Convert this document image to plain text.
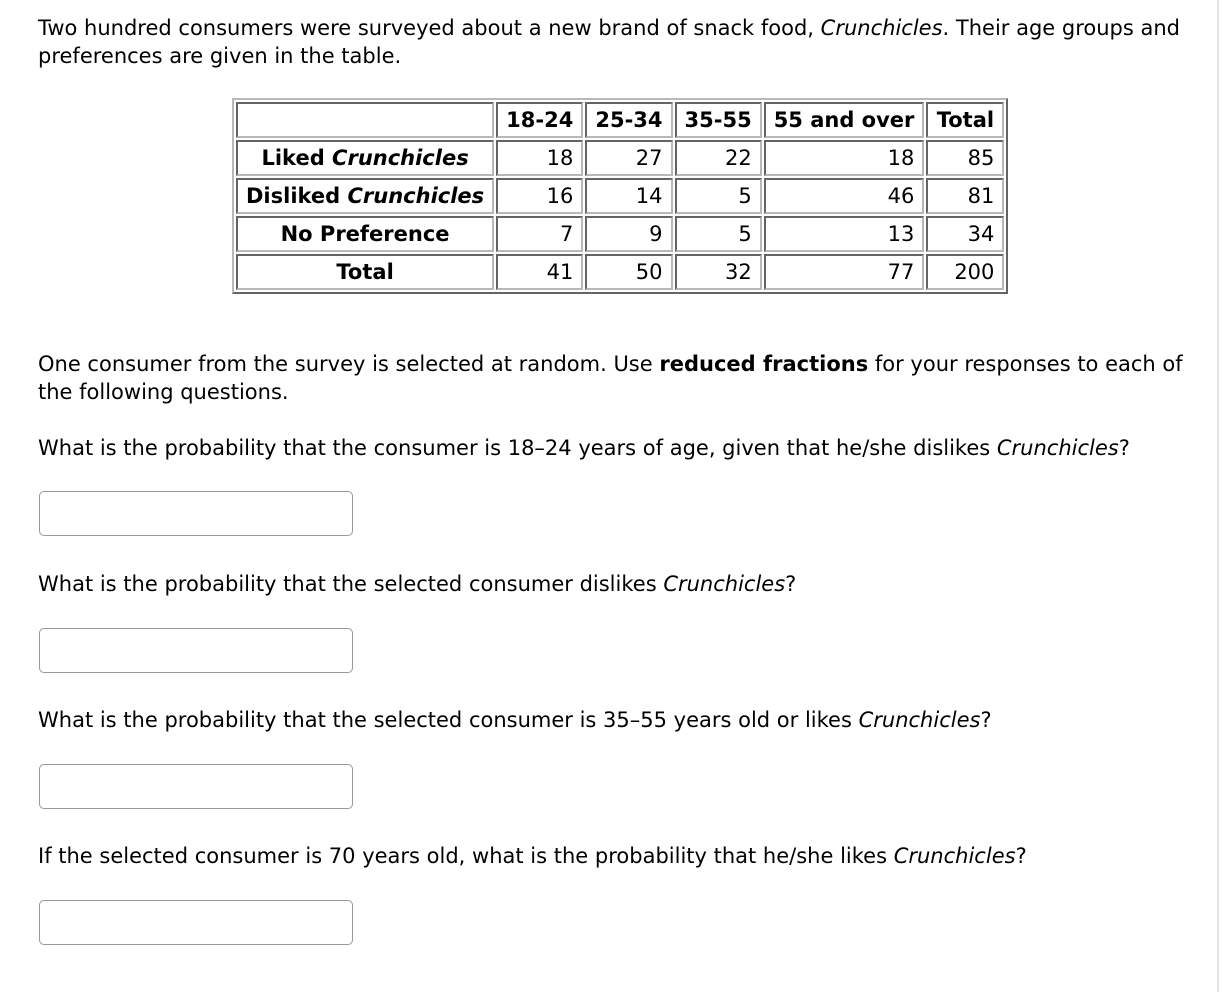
Two hundred consumers were surveyed about a new brand of snack food, Crunchicles. Their age groups and preferences are given in the table.

	18-24	25-34	35-55	55 and over	Total
Liked Crunchicles	18	27	22	18	85
Disliked Crunchicles	16	14	5	46	81
No Preference	7	9	5	13	34
Total	41	50	32	77	200

One consumer from the survey is selected at random. Use reduced fractions for your responses to each of the following questions.

What is the probability that the consumer is 18–24 years of age, given that he/she dislikes Crunchicles?

What is the probability that the selected consumer dislikes Crunchicles?

What is the probability that the selected consumer is 35–55 years old or likes Crunchicles?

If the selected consumer is 70 years old, what is the probability that he/she likes Crunchicles?
